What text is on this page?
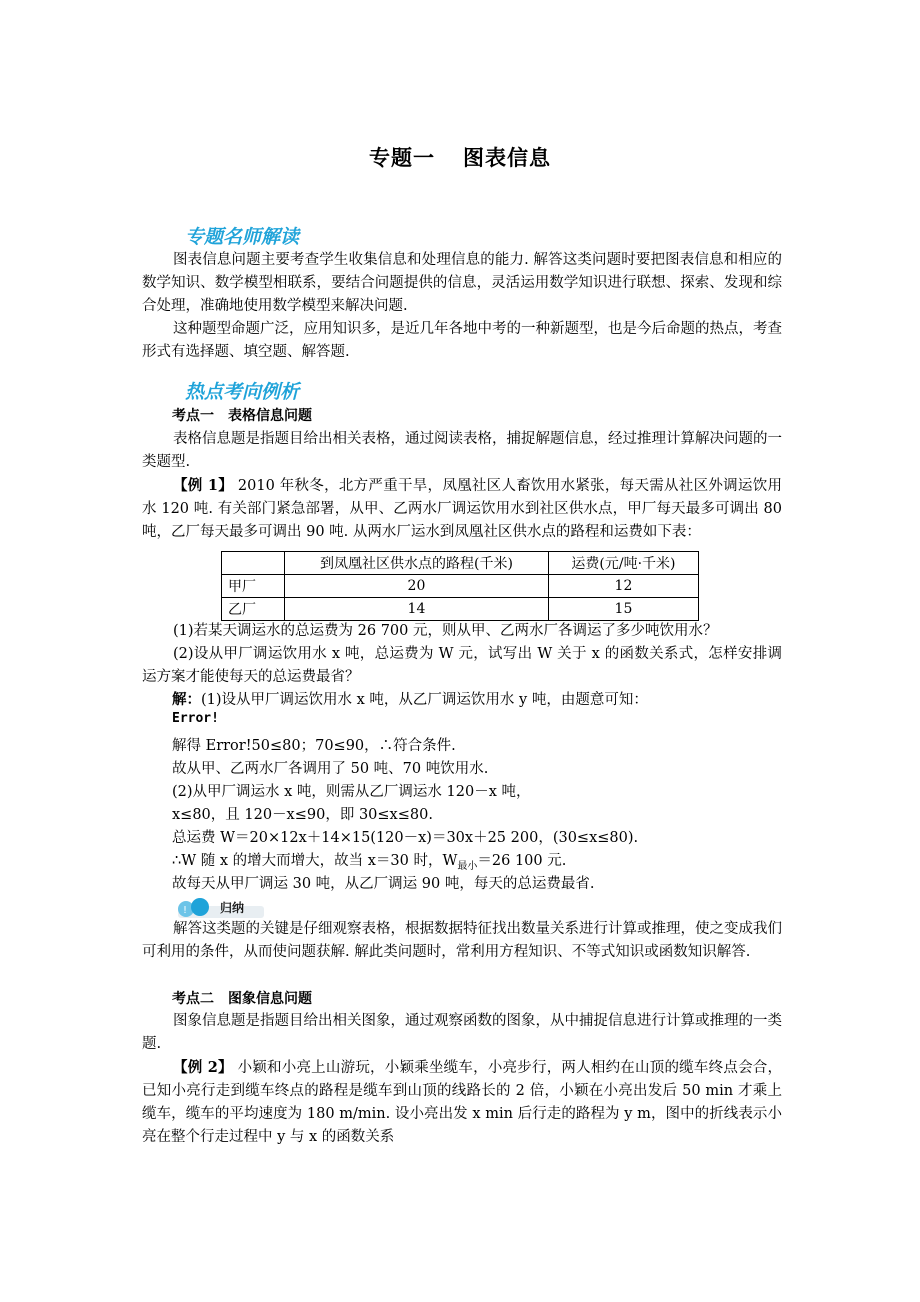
专题一 图表信息
专题名师解读
图表信息问题主要考查学生收集信息和处理信息的能力. 解答这类问题时要把图表信息和相应的数学知识、数学模型相联系，要结合问题提供的信息，灵活运用数学知识进行联想、探索、发现和综合处理，准确地使用数学模型来解决问题.
这种题型命题广泛，应用知识多，是近几年各地中考的一种新题型，也是今后命题的热点，考查形式有选择题、填空题、解答题.
热点考向例析
考点一　表格信息问题
表格信息题是指题目给出相关表格，通过阅读表格，捕捉解题信息，经过推理计算解决问题的一类题型.
【例 1】 2010 年秋冬，北方严重干旱，凤凰社区人畜饮用水紧张，每天需从社区外调运饮用水 120 吨. 有关部门紧急部署，从甲、乙两水厂调运饮用水到社区供水点，甲厂每天最多可调出 80 吨，乙厂每天最多可调出 90 吨. 从两水厂运水到凤凰社区供水点的路程和运费如下表：
	到凤凰社区供水点的路程(千米)	运费(元/吨·千米)
甲厂	20	12
乙厂	14	15
(1)若某天调运水的总运费为 26 700 元，则从甲、乙两水厂各调运了多少吨饮用水？
(2)设从甲厂调运饮用水 x 吨，总运费为 W 元，试写出 W 关于 x 的函数关系式，怎样安排调运方案才能使每天的总运费最省？
解：(1)设从甲厂调运饮用水 x 吨，从乙厂调运饮用水 y 吨，由题意可知：
Error!
解得 Error!50≤80；70≤90，∴符合条件.
故从甲、乙两水厂各调用了 50 吨、70 吨饮用水.
(2)从甲厂调运水 x 吨，则需从乙厂调运水 120－x 吨，
x≤80，且 120－x≤90，即 30≤x≤80.
总运费 W＝20×12x＋14×15(120－x)＝30x＋25 200，(30≤x≤80).
∴W 随 x 的增大而增大，故当 x＝30 时，$W_{最小}=26$ 100 元.
故每天从甲厂调运 30 吨，从乙厂调运 90 吨，每天的总运费最省.
!	归纳
解答这类题的关键是仔细观察表格，根据数据特征找出数量关系进行计算或推理，使之变成我们可利用的条件，从而使问题获解. 解此类问题时，常利用方程知识、不等式知识或函数知识解答.
考点二　图象信息问题
图象信息题是指题目给出相关图象，通过观察函数的图象，从中捕捉信息进行计算或推理的一类题.
【例 2】 小颖和小亮上山游玩，小颖乘坐缆车，小亮步行，两人相约在山顶的缆车终点会合，已知小亮行走到缆车终点的路程是缆车到山顶的线路长的 2 倍，小颖在小亮出发后 50 min 才乘上缆车，缆车的平均速度为 180 m/min. 设小亮出发 x min 后行走的路程为 y m，图中的折线表示小亮在整个行走过程中 y 与 x 的函数关系
